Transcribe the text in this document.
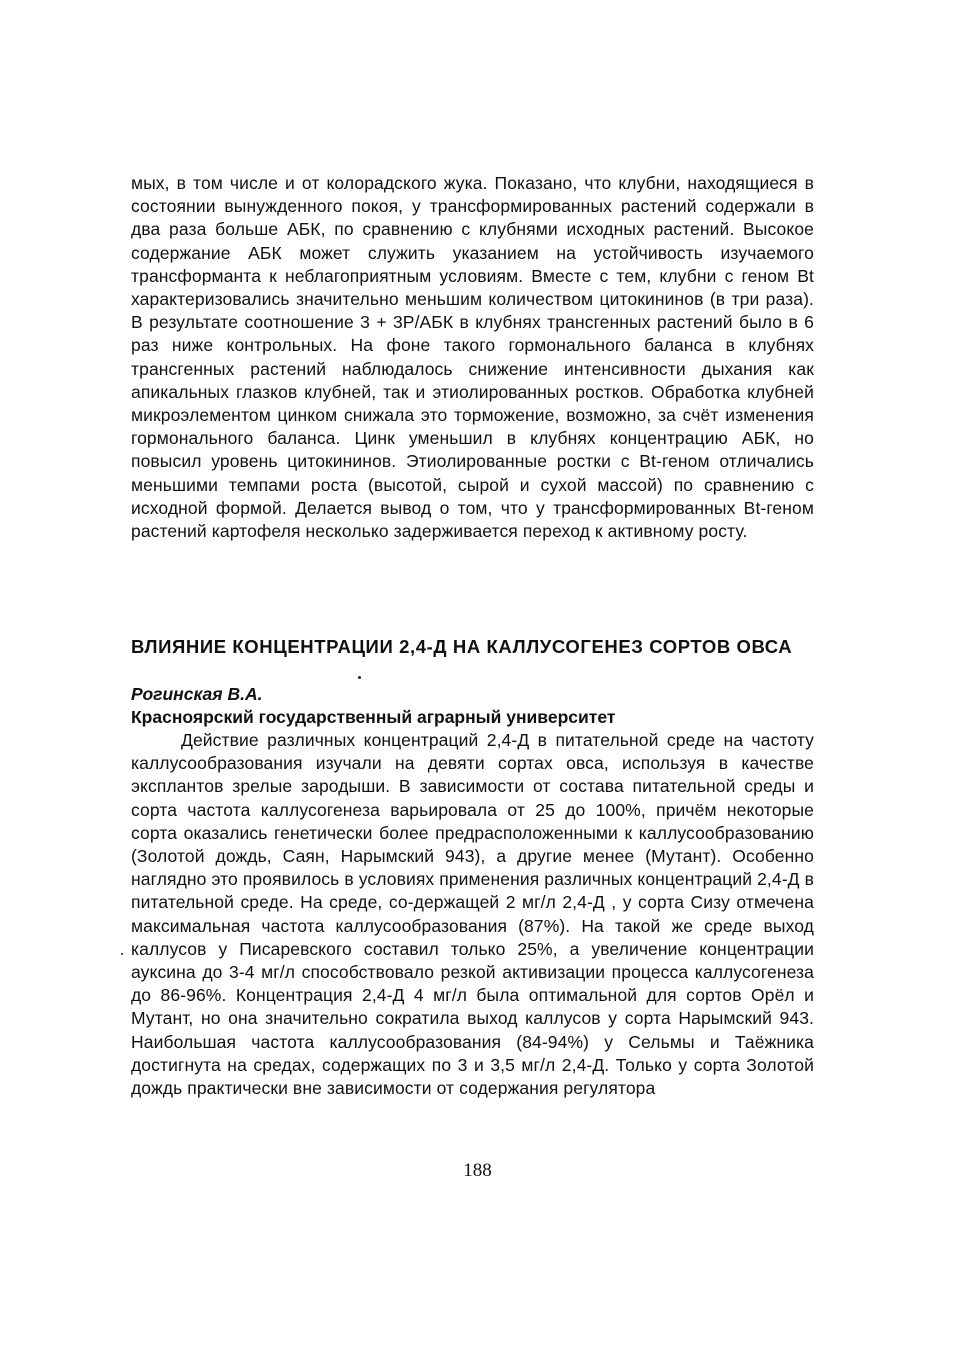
мых, в том числе и от колорадского жука. Показано, что клубни, находящиеся в состоянии вынужденного покоя, у трансформированных растений содержали в два раза больше АБК, по сравнению с клубнями исходных растений. Высокое содержание АБК может служить указанием на устойчивость изучаемого трансформанта к неблагоприятным условиям. Вместе с тем, клубни с геном Bt характеризовались значительно меньшим количеством цитокининов (в три раза). В результате соотношение 3 + 3Р/АБК в клубнях трансгенных растений было в 6 раз ниже контрольных. На фоне такого гормонального баланса в клубнях трансгенных растений наблюдалось снижение интенсивности дыхания как апикальных глазков клубней, так и этиолированных ростков. Обработка клубней микроэлементом цинком снижала это торможение, возможно, за счёт изменения гормонального баланса. Цинк уменьшил в клубнях концентрацию АБК, но повысил уровень цитокининов. Этиолированные ростки с Bt-геном отличались меньшими темпами роста (высотой, сырой и сухой массой) по сравнению с исходной формой. Делается вывод о том, что у трансформированных Bt-геном растений картофеля несколько задерживается переход к активному росту.

ВЛИЯНИЕ КОНЦЕНТРАЦИИ 2,4-Д НА КАЛЛУСОГЕНЕЗ СОРТОВ ОВСА
Рогинская В.А.
Красноярский государственный аграрный университет

Действие различных концентраций 2,4-Д в питательной среде на частоту каллусообразования изучали на девяти сортах овса, используя в качестве эксплантов зрелые зародыши. В зависимости от состава питательной среды и сорта частота каллусогенеза варьировала от 25 до 100%, причём некоторые сорта оказались генетически более предрасположенными к каллусообразованию (Золотой дождь, Саян, Нарымский 943), а другие менее (Мутант). Особенно наглядно это проявилось в условиях применения различных концентраций 2,4-Д в питательной среде. На среде, со-держащей 2 мг/л 2,4-Д , у сорта Сизу отмечена максимальная частота каллусообразования (87%). На такой же среде выход каллусов у Писаревского составил только 25%, а увеличение концентрации ауксина до 3-4 мг/л способствовало резкой активизации процесса каллусогенеза до 86-96%. Концентрация 2,4-Д 4 мг/л была оптимальной для сортов Орёл и Мутант, но она значительно сократила выход каллусов у сорта Нарымский 943. Наибольшая частота каллусообразования (84-94%) у Сельмы и Таёжника достигнута на средах, содержащих по 3 и 3,5 мг/л 2,4-Д. Только у сорта Золотой дождь практически вне зависимости от содержания регулятора

188
